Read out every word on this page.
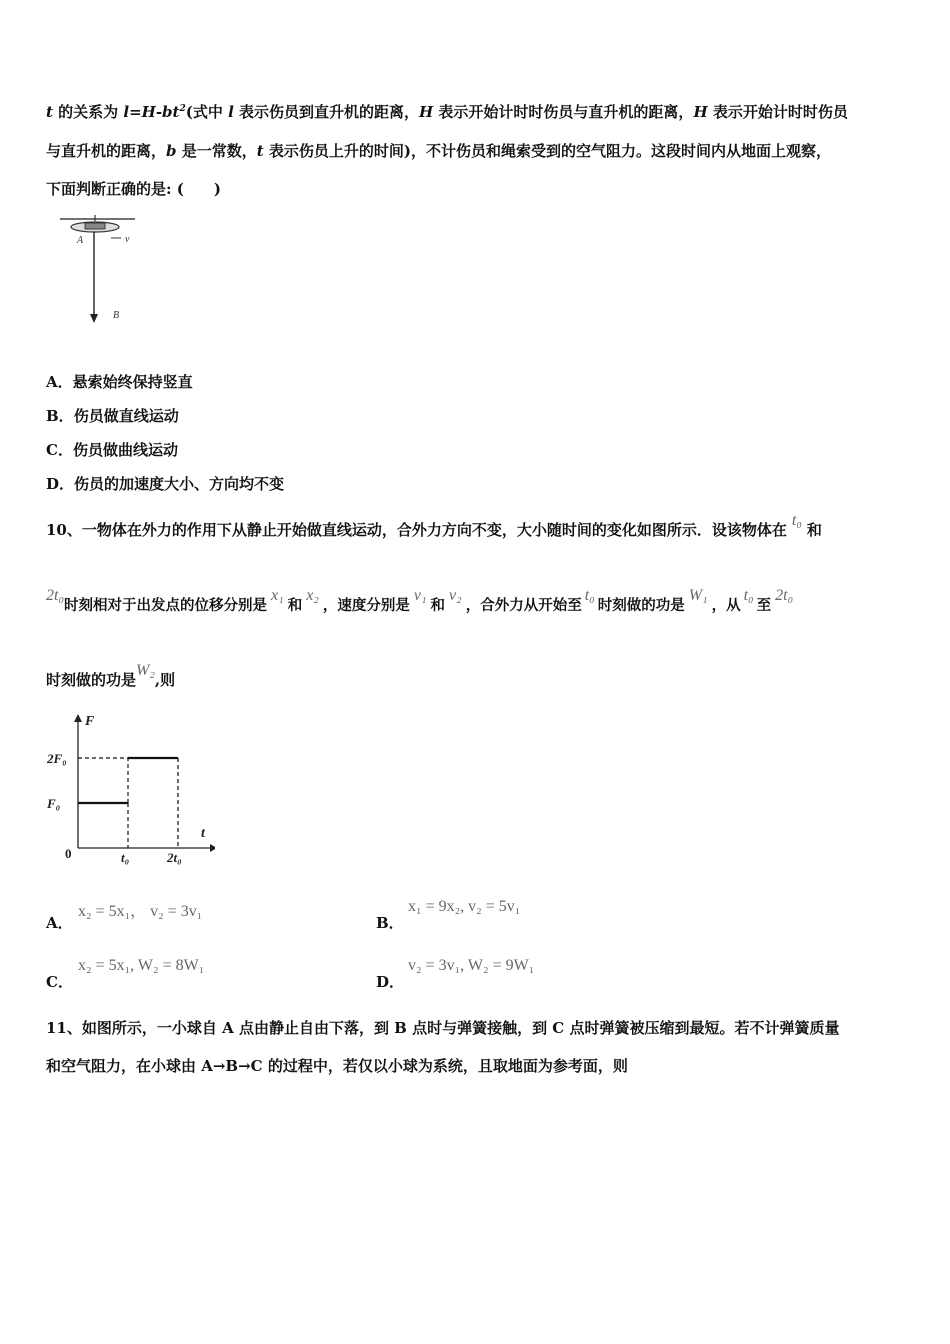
t 的关系为 $l=H-bt^2$(式中 l 表示伤员到直升机的距离，H 表示开始计时时伤员与直升机的距离，H 表示开始计时时伤员
与直升机的距离，b 是一常数，t 表示伤员上升的时间)，不计伤员和绳索受到的空气阻力。这段时间内从地面上观察，
下面判断正确的是: (　　)
A	v
B
A．悬索始终保持竖直
B．伤员做直线运动
C．伤员做曲线运动
D．伤员的加速度大小、方向均不变
10、一物体在外力的作用下从静止开始做直线运动，合外力方向不变，大小随时间的变化如图所示．设该物体在t₀和
2t₀时刻相对于出发点的位移分别是x₁和x₂，速度分别是v₁和v₂，合外力从开始至t₀时刻做的功是W₁，从t₀至2t₀
时刻做的功是W₂,则
F
t
0
2F₀
F₀
t₀	2t₀
A．
x₂ = 5x₁， v₂ = 3v₁
B．
x₁ = 9x₂, v₂ = 5v₁
C．
x₂ = 5x₁, W₂ = 8W₁
D．
v₂ = 3v₁, W₂ = 9W₁
11、如图所示，一小球自 A 点由静止自由下落，到 B 点时与弹簧接触，到 C 点时弹簧被压缩到最短。若不计弹簧质量
和空气阻力，在小球由 A→B→C 的过程中，若仅以小球为系统，且取地面为参考面，则
